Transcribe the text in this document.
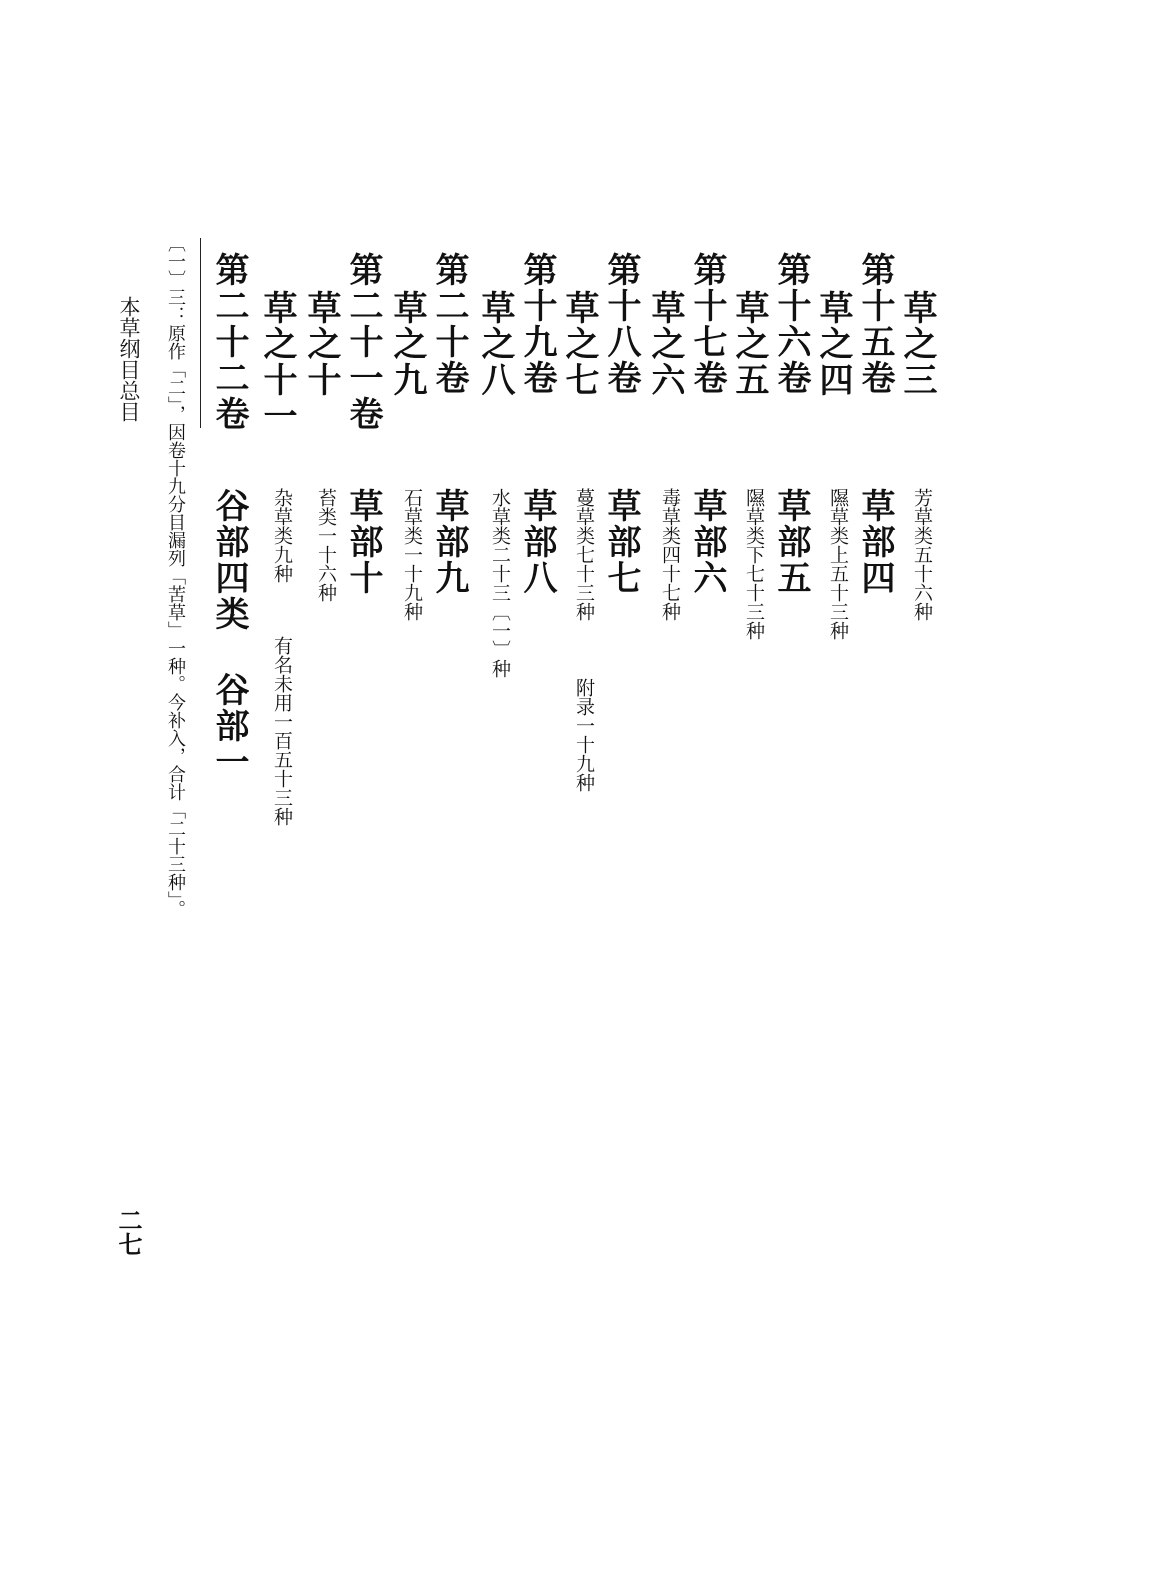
本草纲目总目
二七
〔一〕三：原作「二」，因卷十九分目漏列「苦草」一种。今补入，合计「二十三种」。	草之三
芳草类五十六种
第十五卷
草部四
草之四
隰草类上五十三种
第十六卷
草部五
草之五
隰草类下七十三种
第十七卷
草部六
草之六
毒草类四十七种
第十八卷
草部七
草之七
蔓草类七十三种
附录一十九种
第十九卷
草部八
草之八
水草类二十三〔一〕种
第二十卷
草部九
草之九
石草类一十九种
第二十一卷
草部十
草之十
苔类一十六种
草之十一
杂草类九种
有名未用一百五十三种
第二十二卷
谷部四类
谷部一
